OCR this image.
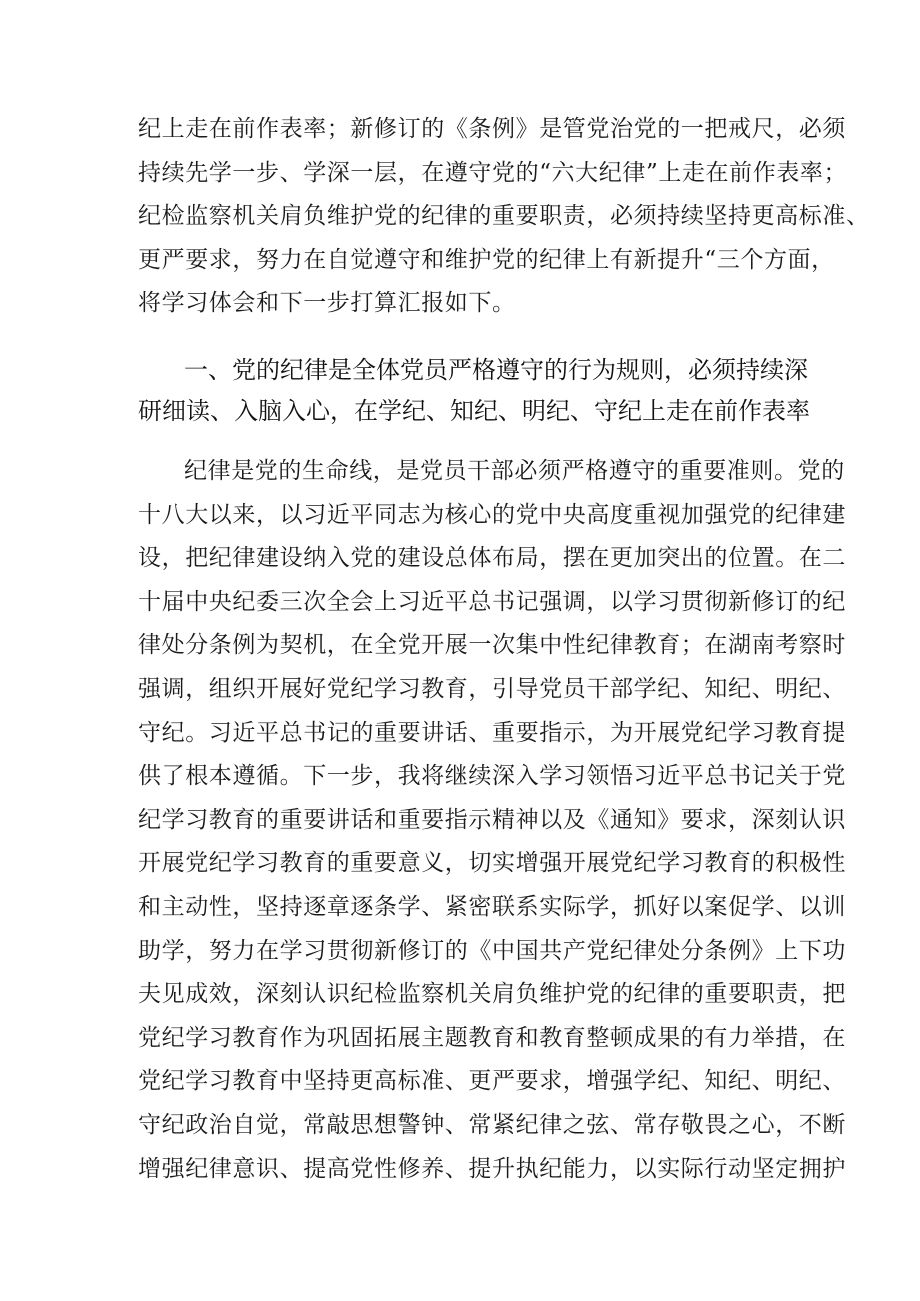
纪上走在前作表率；新修订的《条例》是管党治党的一把戒尺，必须
持续先学一步、学深一层，在遵守党的“六大纪律”上走在前作表率；
纪检监察机关肩负维护党的纪律的重要职责，必须持续坚持更高标准、
更严要求，努力在自觉遵守和维护党的纪律上有新提升“三个方面，
将学习体会和下一步打算汇报如下。
一、党的纪律是全体党员严格遵守的行为规则，必须持续深
研细读、入脑入心，在学纪、知纪、明纪、守纪上走在前作表率
纪律是党的生命线，是党员干部必须严格遵守的重要准则。党的
十八大以来，以习近平同志为核心的党中央高度重视加强党的纪律建
设，把纪律建设纳入党的建设总体布局，摆在更加突出的位置。在二
十届中央纪委三次全会上习近平总书记强调，以学习贯彻新修订的纪
律处分条例为契机，在全党开展一次集中性纪律教育；在湖南考察时
强调，组织开展好党纪学习教育，引导党员干部学纪、知纪、明纪、
守纪。习近平总书记的重要讲话、重要指示，为开展党纪学习教育提
供了根本遵循。下一步，我将继续深入学习领悟习近平总书记关于党
纪学习教育的重要讲话和重要指示精神以及《通知》要求，深刻认识
开展党纪学习教育的重要意义，切实增强开展党纪学习教育的积极性
和主动性，坚持逐章逐条学、紧密联系实际学，抓好以案促学、以训
助学，努力在学习贯彻新修订的《中国共产党纪律处分条例》上下功
夫见成效，深刻认识纪检监察机关肩负维护党的纪律的重要职责，把
党纪学习教育作为巩固拓展主题教育和教育整顿成果的有力举措，在
党纪学习教育中坚持更高标准、更严要求，增强学纪、知纪、明纪、
守纪政治自觉，常敲思想警钟、常紧纪律之弦、常存敬畏之心，不断
增强纪律意识、提高党性修养、提升执纪能力，以实际行动坚定拥护
